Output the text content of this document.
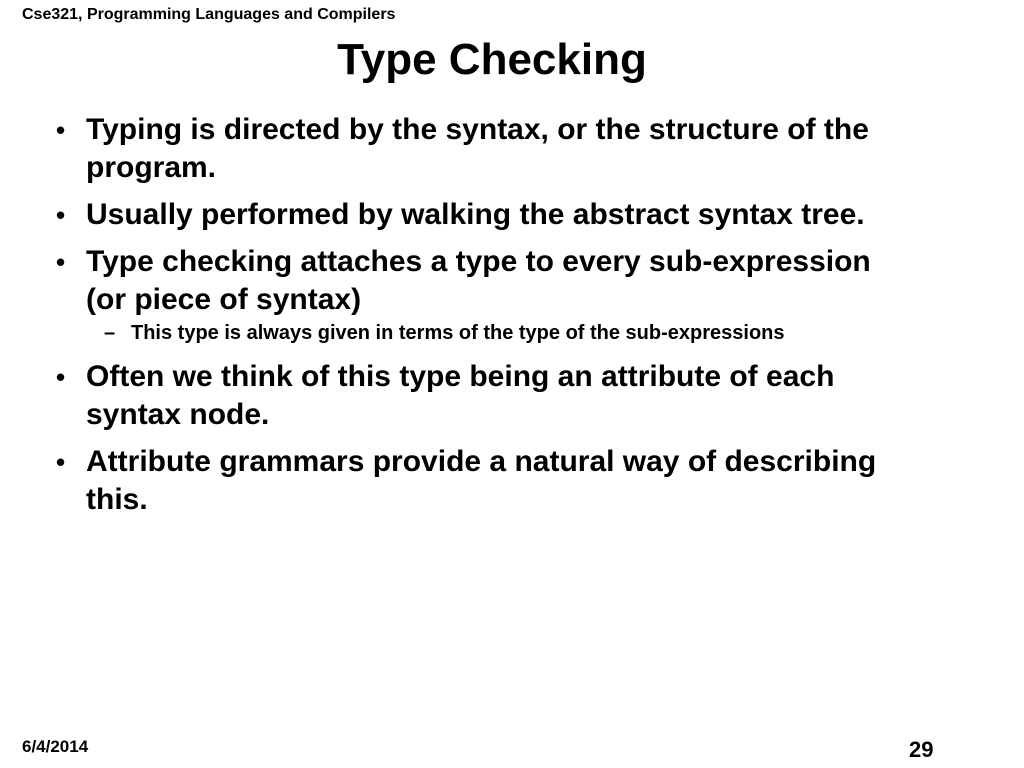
Cse321, Programming Languages and Compilers
Type Checking
• Typing is directed by the syntax, or the structure of the program.
• Usually performed by walking the abstract syntax tree.
• Type checking attaches a type to every sub-expression (or piece of syntax)
– This type is always given in terms of the type of the sub-expressions
• Often we think of this type being an attribute of each syntax node.
• Attribute grammars provide a natural way of describing this.
6/4/2014	29
